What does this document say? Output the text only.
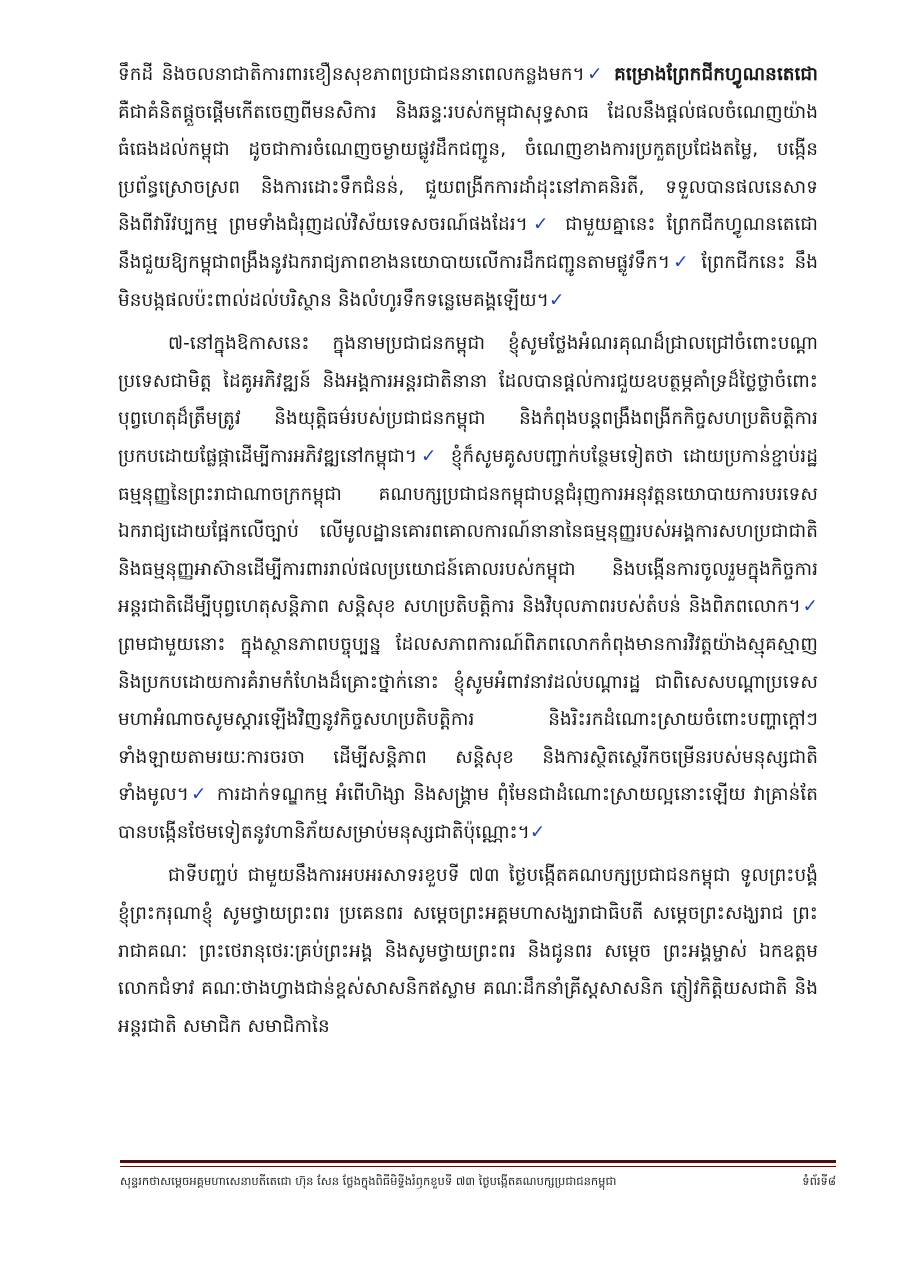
ទឹកដី និងចលនាជាតិការពារខឿនសុខភាពប្រជាជននាពេលកន្លងមក។✓ គម្រោងព្រែកជីកហ្វូណនតេជោ គឺជាគំនិតផ្តួចផ្តើមកើតចេញពីមនសិការ និងឆន្ទៈរបស់កម្ពុជាសុទ្ធសាធ ដែលនឹងផ្តល់ផលចំណេញយ៉ាងធំធេងដល់កម្ពុជា ដូចជាការចំណេញចម្ងាយផ្លូវដឹកជញ្ជូន, ចំណេញខាងការប្រកួតប្រជែងតម្លៃ, បង្កើនប្រព័ន្ធស្រោចស្រព និងការដោះទឹកជំនន់, ជួយពង្រីកការដាំដុះនៅភាគនិរតី, ទទួលបានផលនេសាទ និងពីវារីវប្បកម្ម ព្រមទាំងជំរុញដល់វិស័យទេសចរណ៍ផងដែរ។✓ ជាមួយគ្នានេះ ព្រែកជីកហ្វូណនតេជោ នឹងជួយឱ្យកម្ពុជាពង្រឹងនូវឯករាជ្យភាពខាងនយោបាយលើការដឹកជញ្ជូនតាមផ្លូវទឹក។✓ ព្រែកជីកនេះ នឹងមិនបង្កផលប៉ះពាល់ដល់បរិស្ថាន និងលំហូរទឹកទន្លេមេគង្គឡើយ។✓

៧-នៅក្នុងឱកាសនេះ ក្នុងនាមប្រជាជនកម្ពុជា ខ្ញុំសូមថ្លែងអំណរគុណដ៏ជ្រាលជ្រៅចំពោះបណ្តាប្រទេសជាមិត្ត ដៃគូអភិវឌ្ឍន៍ និងអង្គការអន្តរជាតិនានា ដែលបានផ្តល់ការជួយឧបត្ថម្ភគាំទ្រដ៏ថ្លៃថ្លាចំពោះបុព្វហេតុដ៏ត្រឹមត្រូវ និងយុត្តិធម៌របស់ប្រជាជនកម្ពុជា និងកំពុងបន្តពង្រឹងពង្រីកកិច្ចសហប្រតិបត្តិការប្រកបដោយផ្លែផ្កាដើម្បីការអភិវឌ្ឍនៅកម្ពុជា។✓ ខ្ញុំក៏សូមគូសបញ្ជាក់បន្ថែមទៀតថា ដោយប្រកាន់ខ្ជាប់រដ្ឋធម្មនុញ្ញនៃព្រះរាជាណាចក្រកម្ពុជា គណបក្សប្រជាជនកម្ពុជាបន្តជំរុញការអនុវត្តនយោបាយការបរទេសឯករាជ្យដោយផ្អែកលើច្បាប់ លើមូលដ្ឋានគោរពគោលការណ៍នានានៃធម្មនុញ្ញរបស់អង្គការសហប្រជាជាតិ និងធម្មនុញ្ញអាស៊ានដើម្បីការពាររាល់ផលប្រយោជន៍គោលរបស់កម្ពុជា និងបង្កើនការចូលរួមក្នុងកិច្ចការអន្តរជាតិដើម្បីបុព្វហេតុសន្តិភាព សន្តិសុខ សហប្រតិបត្តិការ និងវិបុលភាពរបស់តំបន់ និងពិភពលោក។✓ ព្រមជាមួយនោះ ក្នុងស្ថានភាពបច្ចុប្បន្ន ដែលសភាពការណ៍ពិភពលោកកំពុងមានការវិវត្តយ៉ាងស្មុគស្មាញ និងប្រកបដោយការគំរាមកំហែងដ៏គ្រោះថ្នាក់នោះ ខ្ញុំសូមអំពាវនាវដល់បណ្តារដ្ឋ ជាពិសេសបណ្តាប្រទេសមហាអំណាចសូមស្តារឡើងវិញនូវកិច្ចសហប្រតិបត្តិការ និងរិះរកដំណោះស្រាយចំពោះបញ្ហាក្តៅៗទាំងឡាយតាមរយៈការចរចា ដើម្បីសន្តិភាព សន្តិសុខ និងការស្ថិតស្ថេរីកចម្រើនរបស់មនុស្សជាតិទាំងមូល។✓ ការដាក់ទណ្ឌកម្ម អំពើហិង្សា និងសង្គ្រាម ពុំមែនជាដំណោះស្រាយល្អនោះឡើយ វាគ្រាន់តែបានបង្កើនថែមទៀតនូវហានិភ័យសម្រាប់មនុស្សជាតិប៉ុណ្ណោះ។✓

ជាទីបញ្ចប់ ជាមួយនឹងការអបអរសាទរខួបទី ៧៣ ថ្ងៃបង្កើតគណបក្សប្រជាជនកម្ពុជា ទូលព្រះបង្គំ ខ្ញុំព្រះករុណាខ្ញុំ សូមថ្វាយព្រះពរ ប្រគេនពរ សម្តេចព្រះអគ្គមហាសង្ឃរាជាធិបតី សម្តេចព្រះសង្ឃរាជ ព្រះរាជាគណៈ ព្រះថេរានុថេរៈគ្រប់ព្រះអង្គ និងសូមថ្វាយព្រះពរ និងជូនពរ សម្តេច ព្រះអង្គម្ចាស់ ឯកឧត្តម លោកជំទាវ គណៈថាងហ្វាងជាន់ខ្ពស់សាសនិកឥស្លាម គណៈដឹកនាំគ្រីស្តសាសនិក ភ្ញៀវកិត្តិយសជាតិ និងអន្តរជាតិ សមាជិក សមាជិកានៃ

សុន្ទរកថាសម្តេចអគ្គមហាសេនាបតីតេជោ ហ៊ុន សែន ថ្លែងក្នុងពិធីមិទ្ទីងរំឭកខួបទី ៧៣ ថ្ងៃបង្កើតគណបក្សប្រជាជនកម្ពុជា	ទំព័រទី៨
